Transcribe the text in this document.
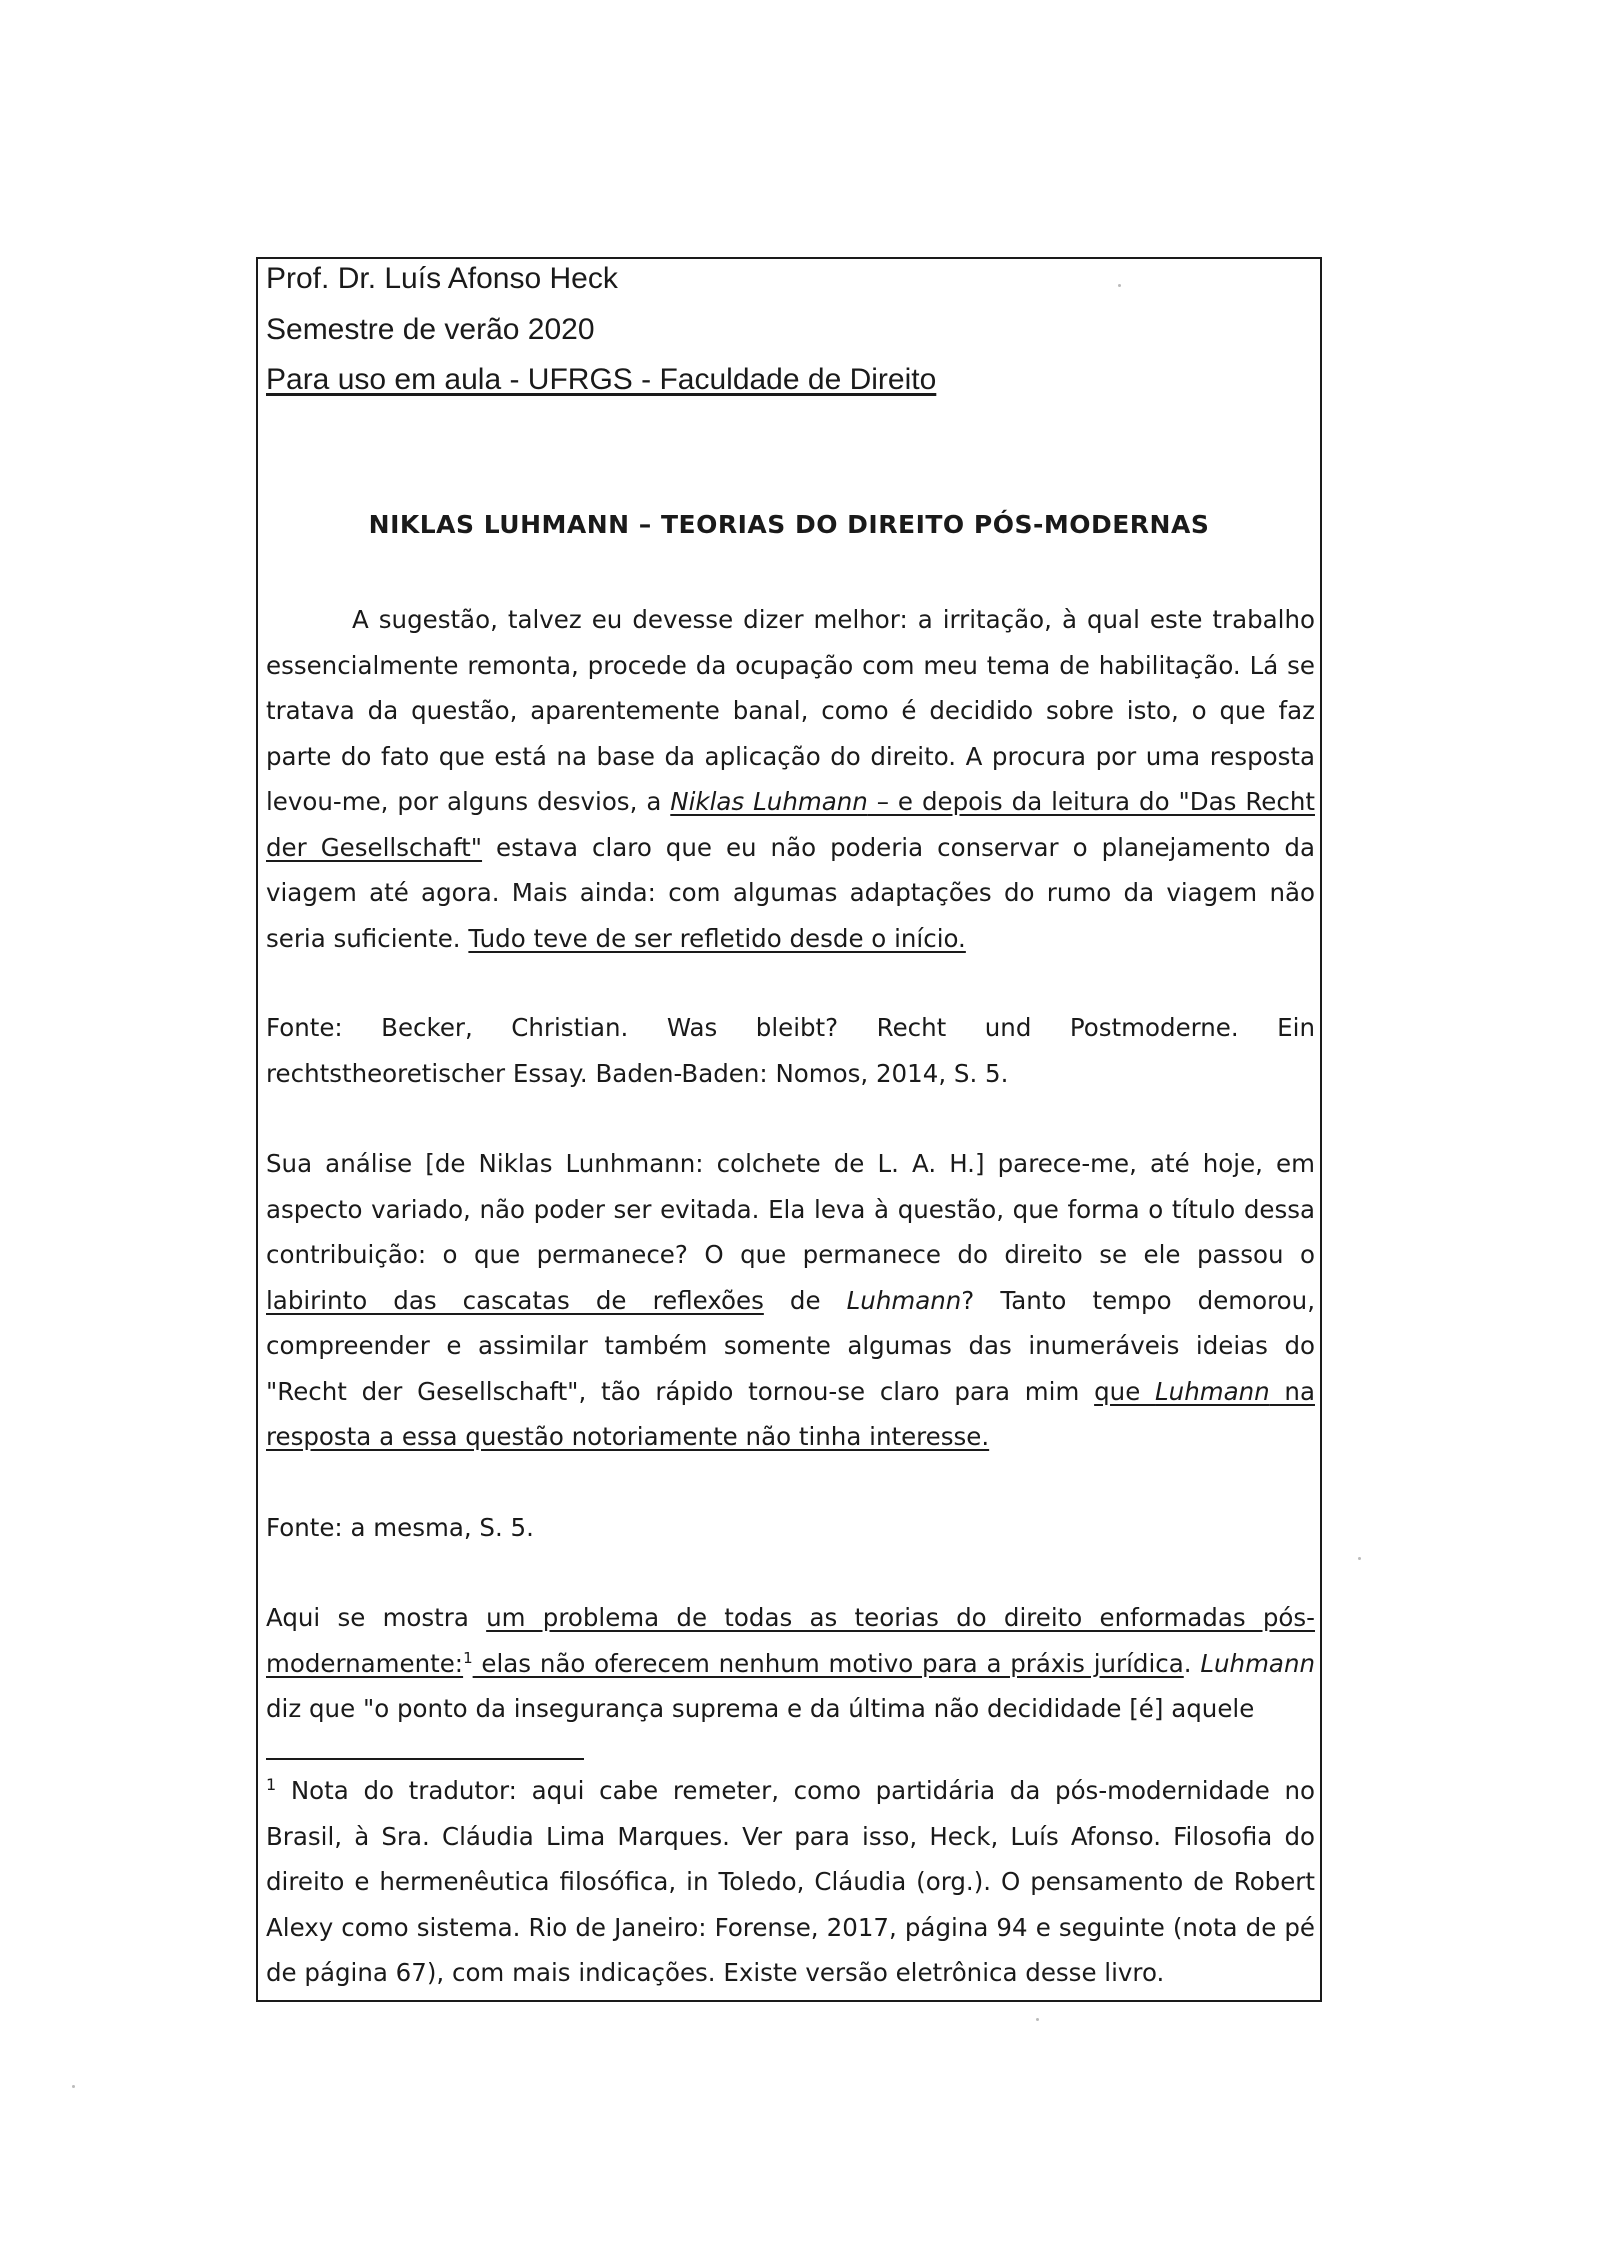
Prof. Dr. Luís Afonso Heck
Semestre de verão 2020
Para uso em aula - UFRGS - Faculdade de Direito
NIKLAS LUHMANN – TEORIAS DO DIREITO PÓS-MODERNAS
A sugestão, talvez eu devesse dizer melhor: a irritação, à qual este trabalho essencialmente remonta, procede da ocupação com meu tema de habilitação. Lá se tratava da questão, aparentemente banal, como é decidido sobre isto, o que faz parte do fato que está na base da aplicação do direito. A procura por uma resposta levou-me, por alguns desvios, a Niklas Luhmann – e depois da leitura do "Das Recht der Gesellschaft" estava claro que eu não poderia conservar o planejamento da viagem até agora. Mais ainda: com algumas adaptações do rumo da viagem não seria suficiente. Tudo teve de ser refletido desde o início.
Fonte: Becker, Christian. Was bleibt? Recht und Postmoderne. Ein rechtstheoretischer Essay. Baden-Baden: Nomos, 2014, S. 5.
Sua análise [de Niklas Lunhmann: colchete de L. A. H.] parece-me, até hoje, em aspecto variado, não poder ser evitada. Ela leva à questão, que forma o título dessa contribuição: o que permanece? O que permanece do direito se ele passou o labirinto das cascatas de reflexões de Luhmann? Tanto tempo demorou, compreender e assimilar também somente algumas das inumeráveis ideias do "Recht der Gesellschaft", tão rápido tornou-se claro para mim que Luhmann na resposta a essa questão notoriamente não tinha interesse.
Fonte: a mesma, S. 5.
Aqui se mostra um problema de todas as teorias do direito enformadas pós-modernamente:$^1$ elas não oferecem nenhum motivo para a práxis jurídica. Luhmann diz que "o ponto da insegurança suprema e da última não decididade [é] aquele
$^1$ Nota do tradutor: aqui cabe remeter, como partidária da pós-modernidade no Brasil, à Sra. Cláudia Lima Marques. Ver para isso, Heck, Luís Afonso. Filosofia do direito e hermenêutica filosófica, in Toledo, Cláudia (org.). O pensamento de Robert Alexy como sistema. Rio de Janeiro: Forense, 2017, página 94 e seguinte (nota de pé de página 67), com mais indicações. Existe versão eletrônica desse livro.
